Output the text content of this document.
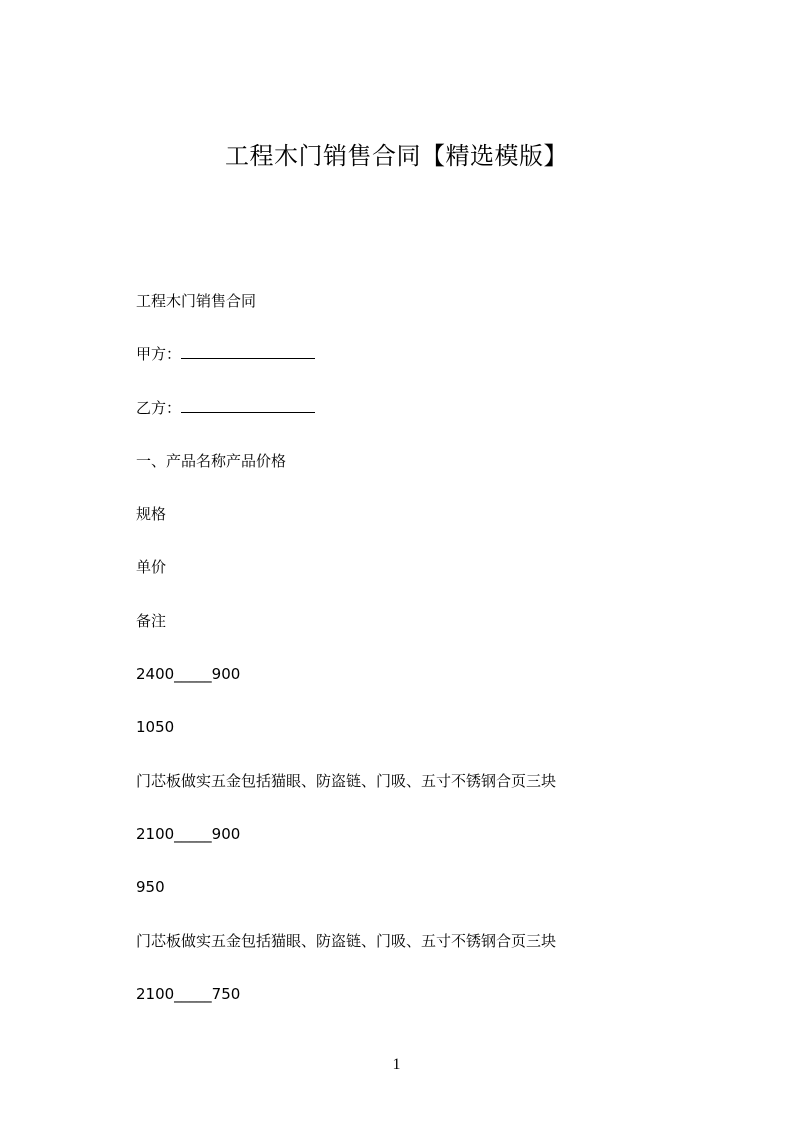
工程木门销售合同【精选模版】
工程木门销售合同
甲方：
乙方：
一、产品名称产品价格
规格
单价
备注
2400_____900
1050
门芯板做实五金包括猫眼、防盗链、门吸、五寸不锈钢合页三块
2100_____900
950
门芯板做实五金包括猫眼、防盗链、门吸、五寸不锈钢合页三块
2100_____750
1
